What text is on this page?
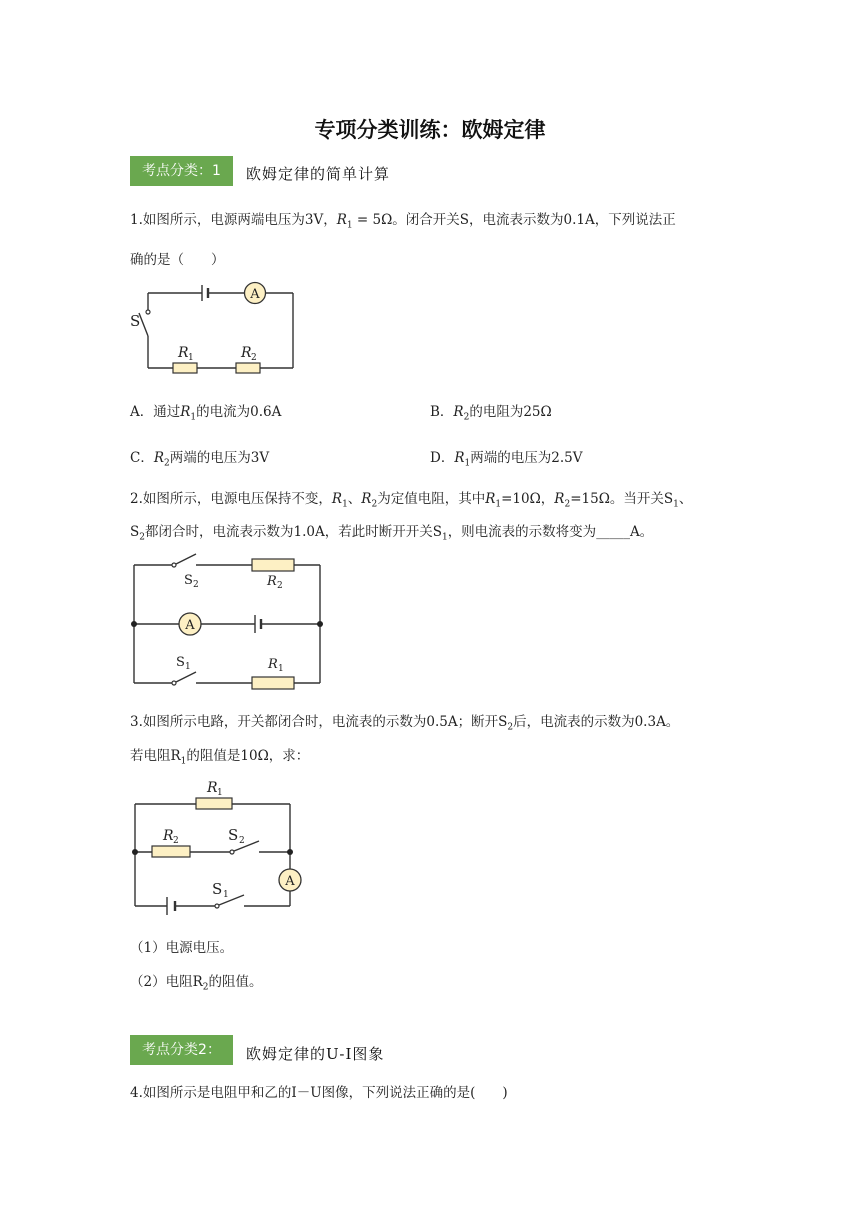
专项分类训练：欧姆定律
考点分类：1	欧姆定律的简单计算
1.如图所示，电源两端电压为3V，$R_1 = 5\Omega$。闭合开关S，电流表示数为0.1A，下列说法正
确的是（　　）
A
S
R 1	R 2
A．通过$R_1$的电流为0.6A	B．$R_2$的电阻为25Ω
C．$R_2$两端的电压为3V	D．$R_1$两端的电压为2.5V
2.如图所示，电源电压保持不变，$R_1$、$R_2$为定值电阻，其中$R_1=10\Omega$，$R_2=15\Omega$。当开关$S_1$、
$S_2$都闭合时，电流表示数为1.0A，若此时断开开关$S_1$，则电流表的示数将变为_____A。
S 2	R 2
A
S 1	R 1
3.如图所示电路，开关都闭合时，电流表的示数为0.5A；断开$S_2$后，电流表的示数为0.3A。
若电阻$R_1$的阻值是10Ω，求：
R 1
R 2	S 2
A
S 1
（1）电源电压。
（2）电阻$R_2$的阻值。
考点分类2：	欧姆定律的U-I图象
4.如图所示是电阻甲和乙的I－U图像，下列说法正确的是(　　)
